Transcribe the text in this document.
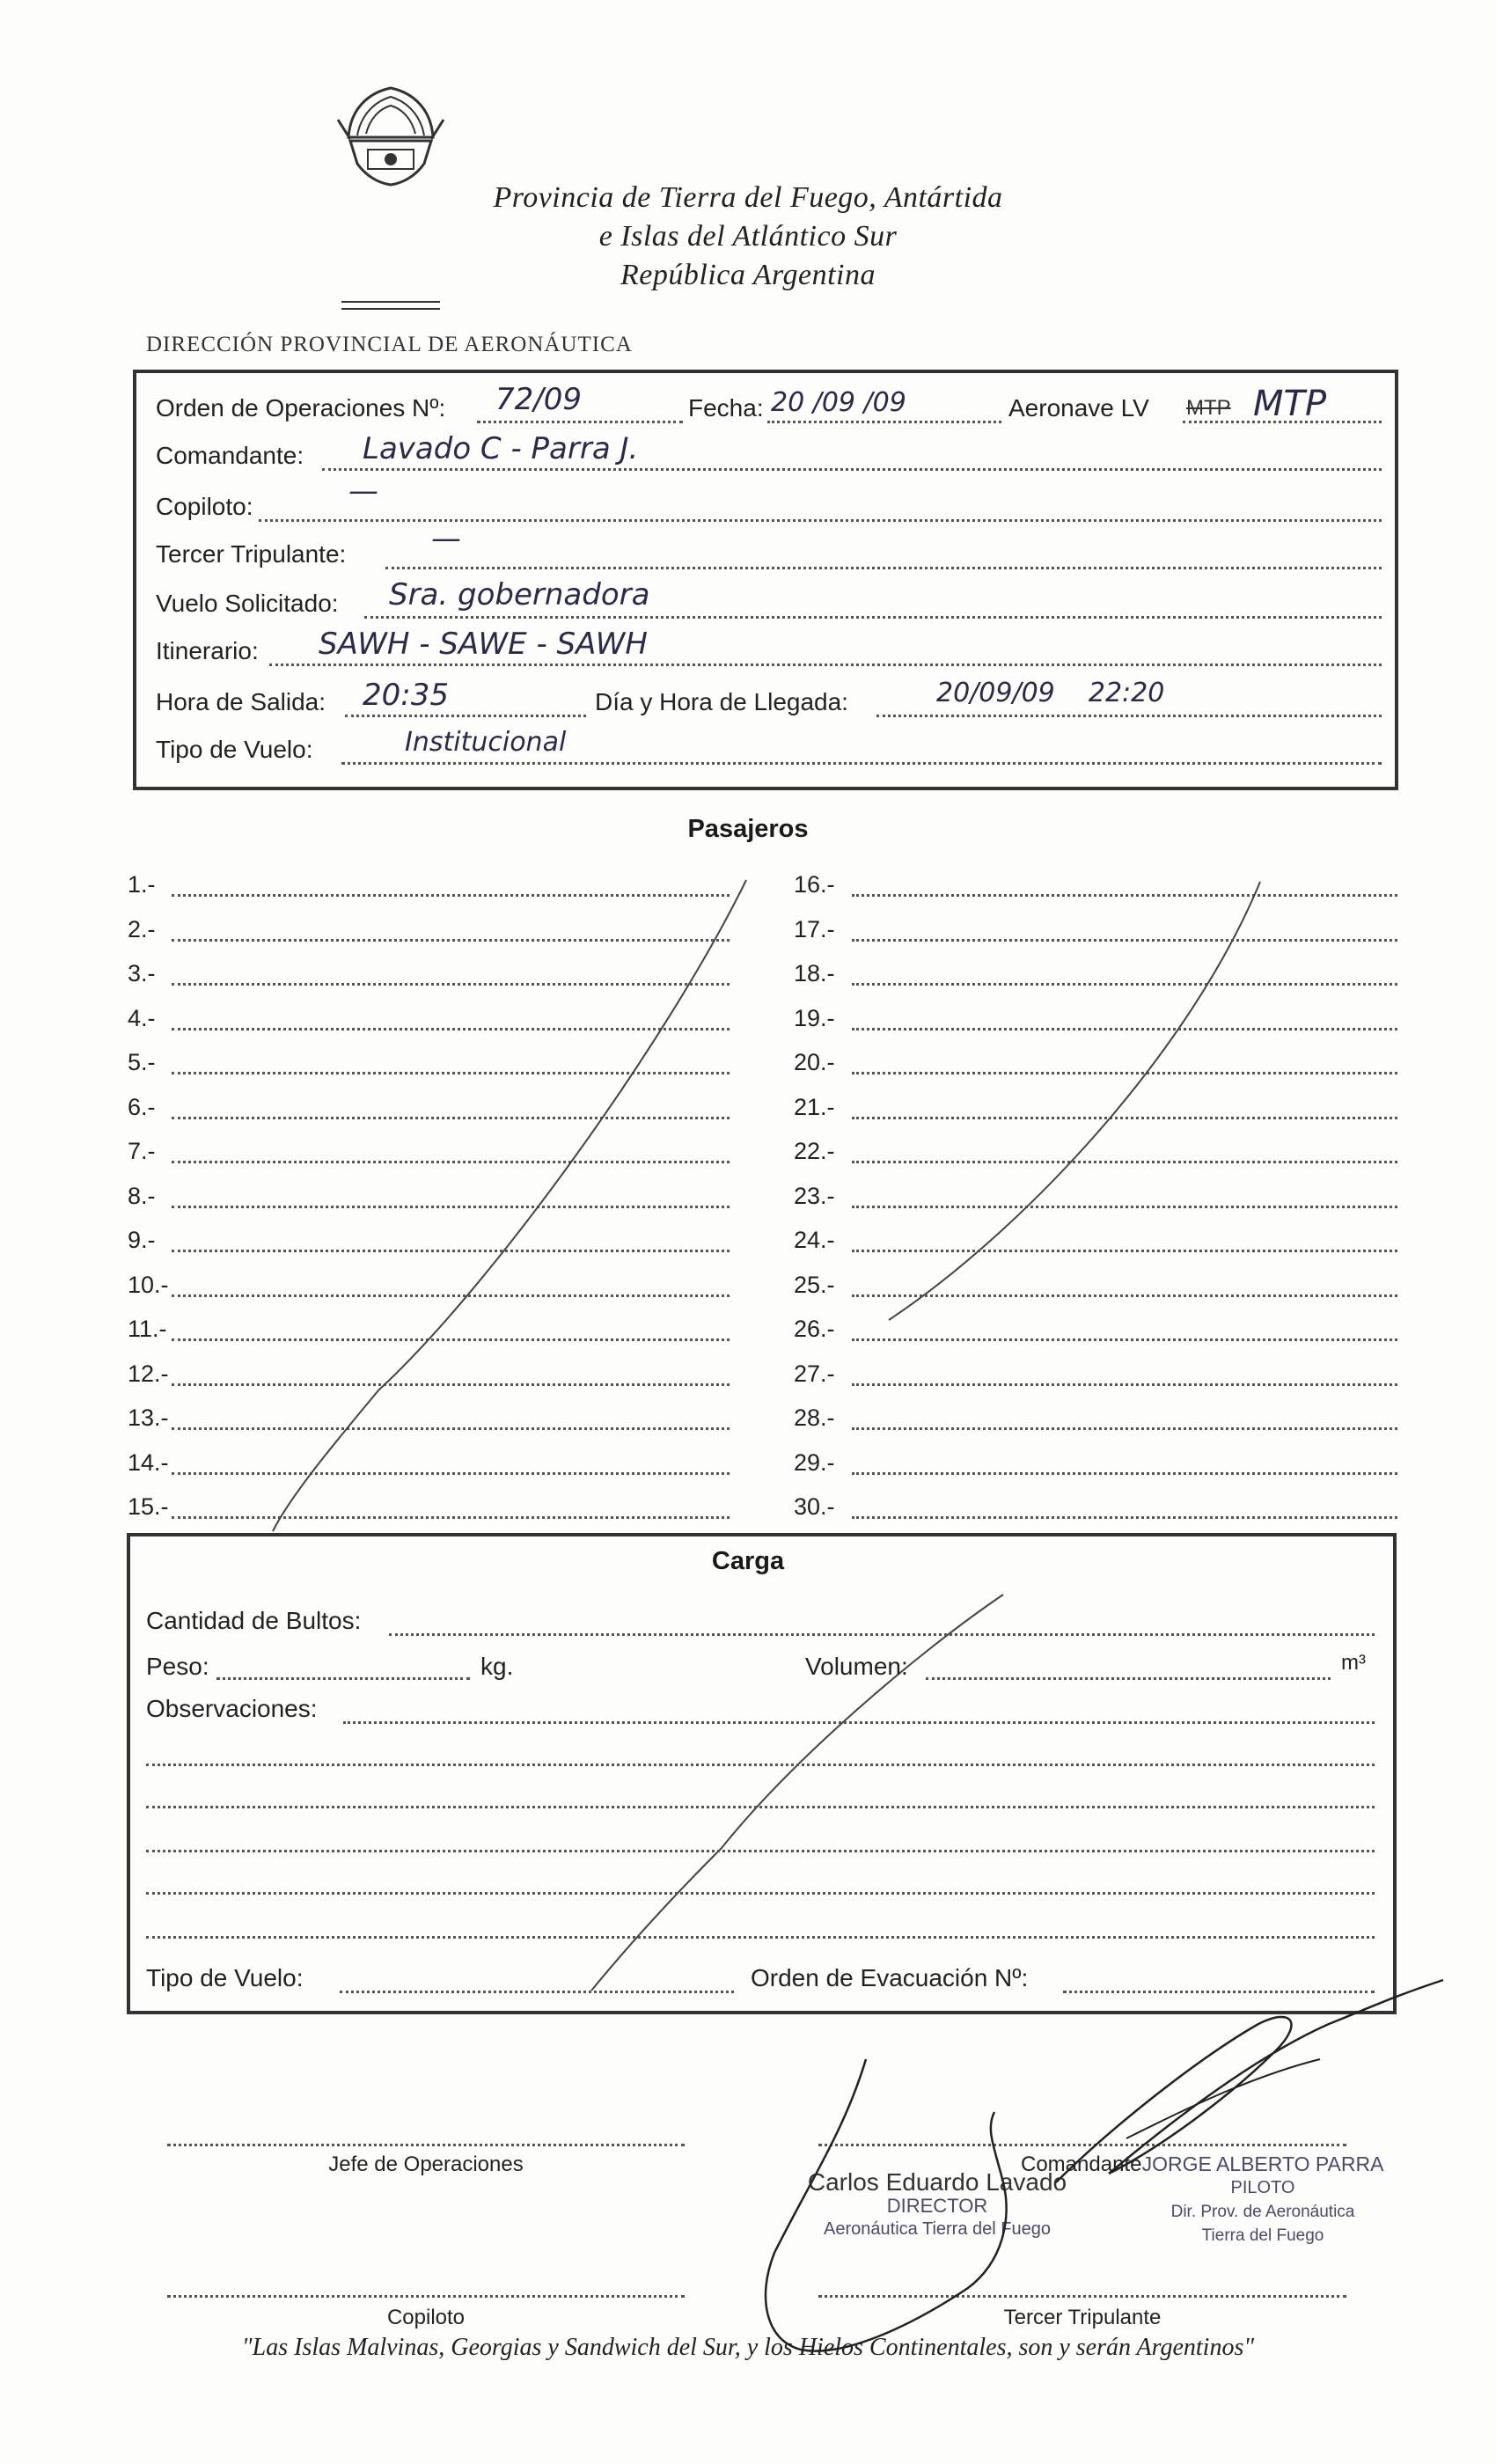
Provincia de Tierra del Fuego, Antártida
e Islas del Atlántico Sur
República Argentina
DIRECCIÓN PROVINCIAL DE AERONÁUTICA
Orden de Operaciones Nº: 72/09	Fecha: 20 /09 /09	Aeronave LV MTP MTP
Comandante: Lavado C - Parra J.
Copiloto:	—
Tercer Tripulante:	—
Vuelo Solicitado: Sra. gobernadora
Itinerario: SAWH - SAWE - SAWH
Hora de Salida: 20:35	Día y Hora de Llegada:	20/09/09    22:20
Tipo de Vuelo:	Institucional
Pasajeros
1.-
2.-
3.-
4.-
5.-
6.-
7.-
8.-
9.-
10.-
11.-
12.-
13.-
14.-
15.-
16.-
17.-
18.-
19.-
20.-
21.-
22.-
23.-
24.-
25.-
26.-
27.-
28.-
29.-
30.-
Carga
Cantidad de Bultos:
Peso:	kg.	Volumen:	m³
Observaciones:
Tipo de Vuelo:	Orden de Evacuación Nº:
Jefe de Operaciones	Comandante
Copiloto	Tercer Tripulante
Carlos Eduardo Lavado
DIRECTOR
Aeronáutica Tierra del Fuego
JORGE ALBERTO PARRA
PILOTO
Dir. Prov. de Aeronáutica
Tierra del Fuego
"Las Islas Malvinas, Georgias y Sandwich del Sur, y los Hielos Continentales, son y serán Argentinos"
